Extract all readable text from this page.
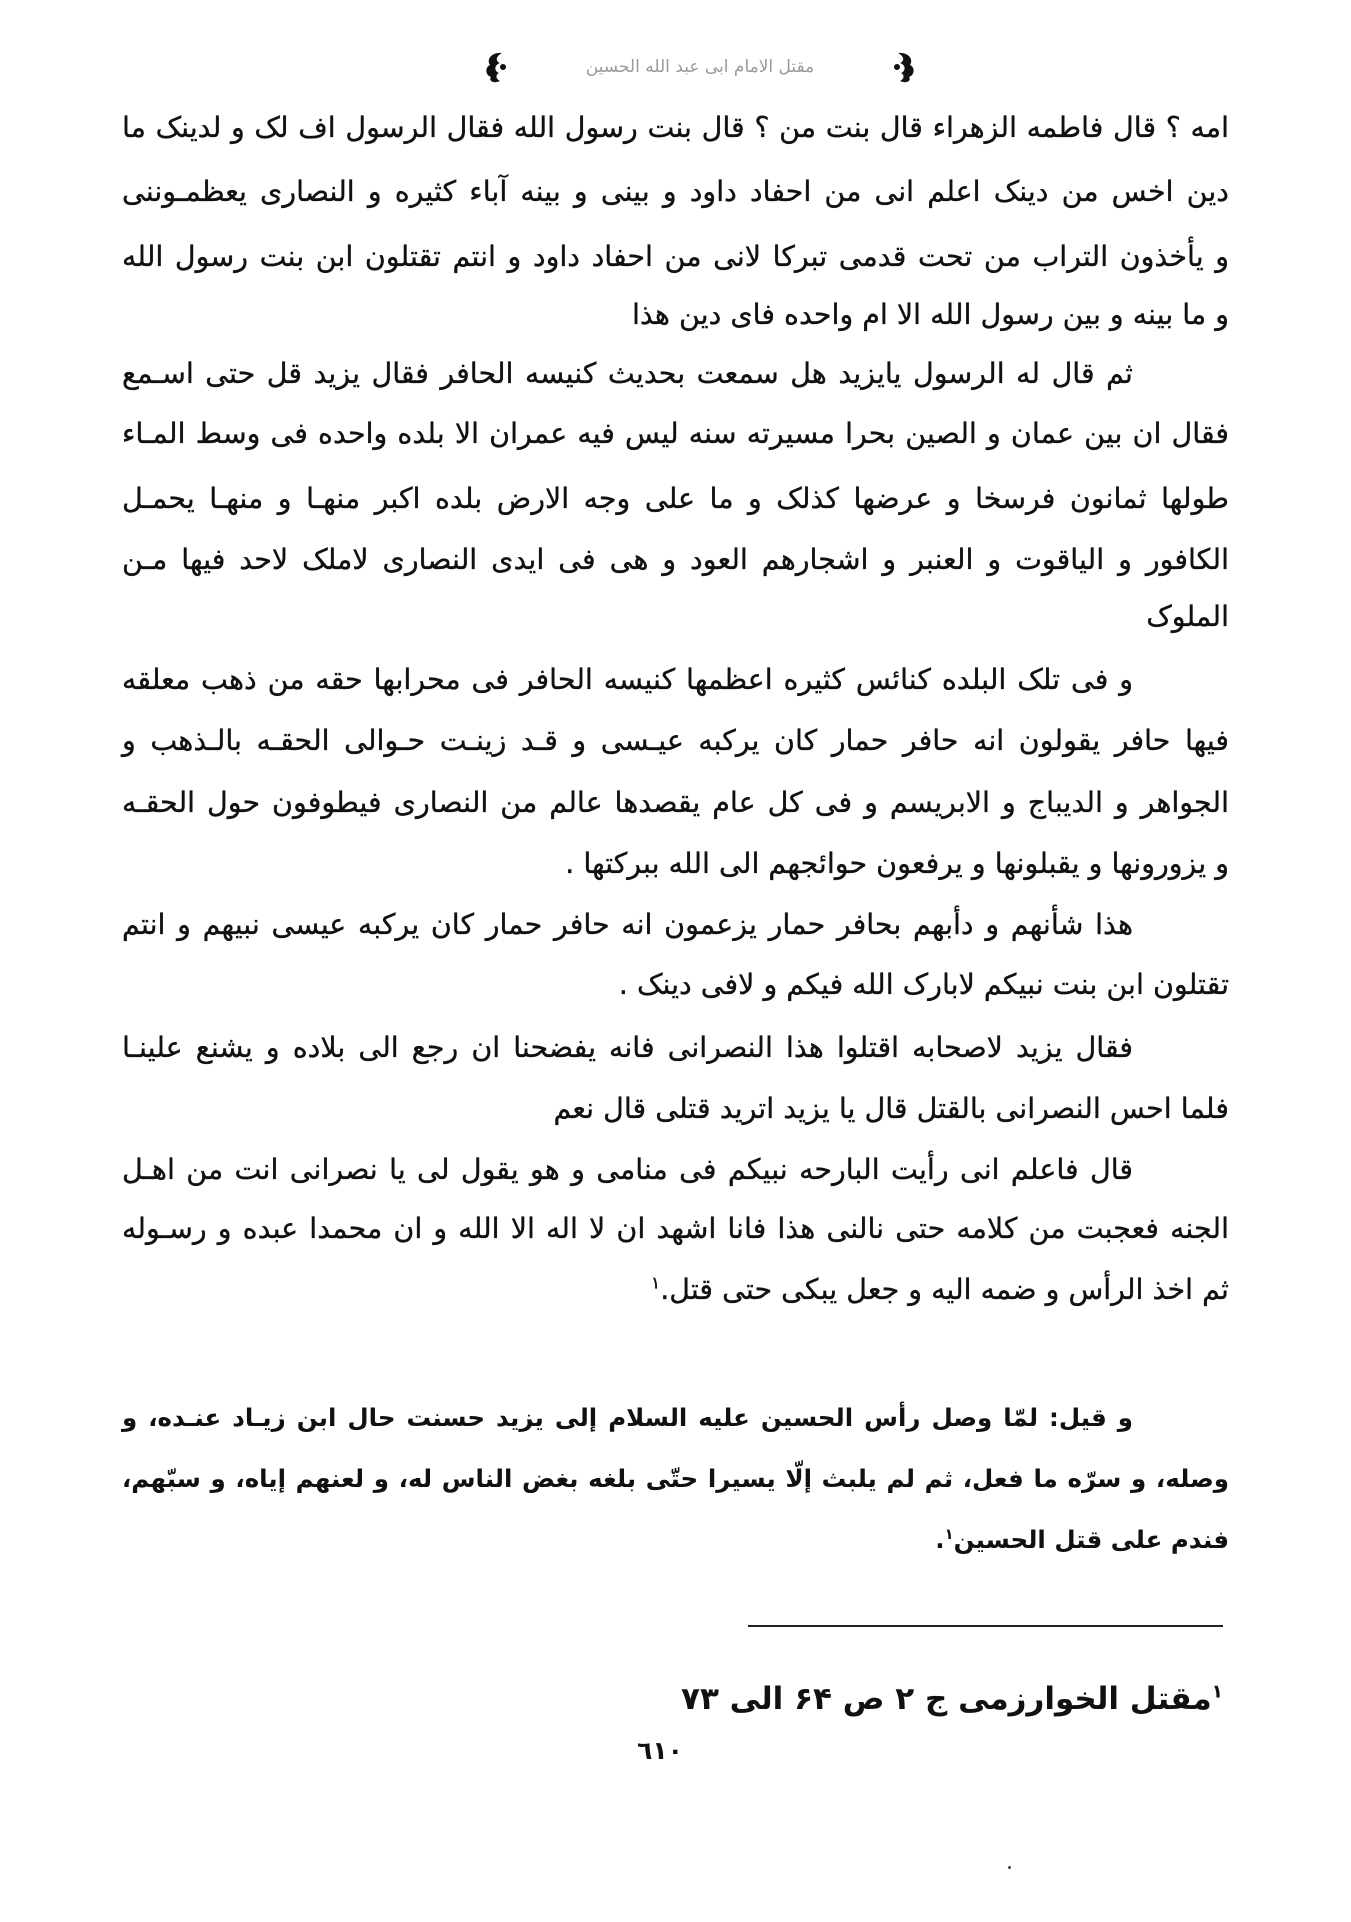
مقتل الامام ابى عبد الله الحسين
امه ؟ قال فاطمه الزهراء قال بنت من ؟ قال بنت رسول الله فقال الرسول اف لک و لدينک ما
دين اخس من دينک اعلم انى من احفاد داود و بينى و بينه آباء کثيره و النصارى يعظمـوننى
و يأخذون التراب من تحت قدمى تبرکا لانى من احفاد داود و انتم تقتلون ابن بنت رسول الله
و ما بينه و بين رسول الله الا ام واحده فاى دين هذا
ثم قال له الرسول يايزيد هل سمعت بحديث کنيسه الحافر فقال يزيد قل حتى اسـمع
فقال ان بين عمان و الصين بحرا مسيرته سنه ليس فيه عمران الا بلده واحده فى وسط المـاء
طولها ثمانون فرسخا و عرضها کذلک و ما على وجه الارض بلده اکبر منهـا و منهـا يحمـل
الکافور و الياقوت و العنبر و اشجارهم العود و هى فى ايدى النصارى لاملک لاحد فيها مـن
الملوک
و فى تلک البلده کنائس کثيره اعظمها کنيسه الحافر فى محرابها حقه من ذهب معلقه
فيها حافر يقولون انه حافر حمار کان يرکبه عيـسى و قـد زينـت حـوالى الحقـه بالـذهب و
الجواهر و الديباج و الابريسم و فى کل عام يقصدها عالم من النصارى فيطوفون حول الحقـه
و يزورونها و يقبلونها و يرفعون حوائجهم الى الله ببرکتها .
هذا شأنهم و دأبهم بحافر حمار يزعمون انه حافر حمار کان يرکبه عيسى نبيهم و انتم
تقتلون ابن بنت نبيکم لابارک الله فيکم و لافى دينک .
فقال يزيد لاصحابه اقتلوا هذا النصرانى فانه يفضحنا ان رجع الى بلاده و يشنع علينـا
فلما احس النصرانى بالقتل قال يا يزيد اتريد قتلى قال نعم
قال فاعلم انى رأيت البارحه نبيکم فى منامى و هو يقول لى يا نصرانى انت من اهـل
الجنه فعجبت من کلامه حتى نالنى هذا فانا اشهد ان لا اله الا الله و ان محمدا عبده و رسـوله
ثم اخذ الرأس و ضمه اليه و جعل يبکى حتى قتل.$^١$
و قيل: لمّا وصل رأس الحسين عليه السلام إلى يزيد حسنت حال ابن زيـاد عنـده، و
وصله، و سرّه ما فعل، ثم لم يلبث إلّا يسيرا حتّى بلغه بغض الناس له، و لعنهم إياه، و سبّهم،
فندم على قتل الحسين$^١$.
$^١$مقتل الخوارزمى ج ٢ ص ۶۴ الى ٧٣
٦١٠
